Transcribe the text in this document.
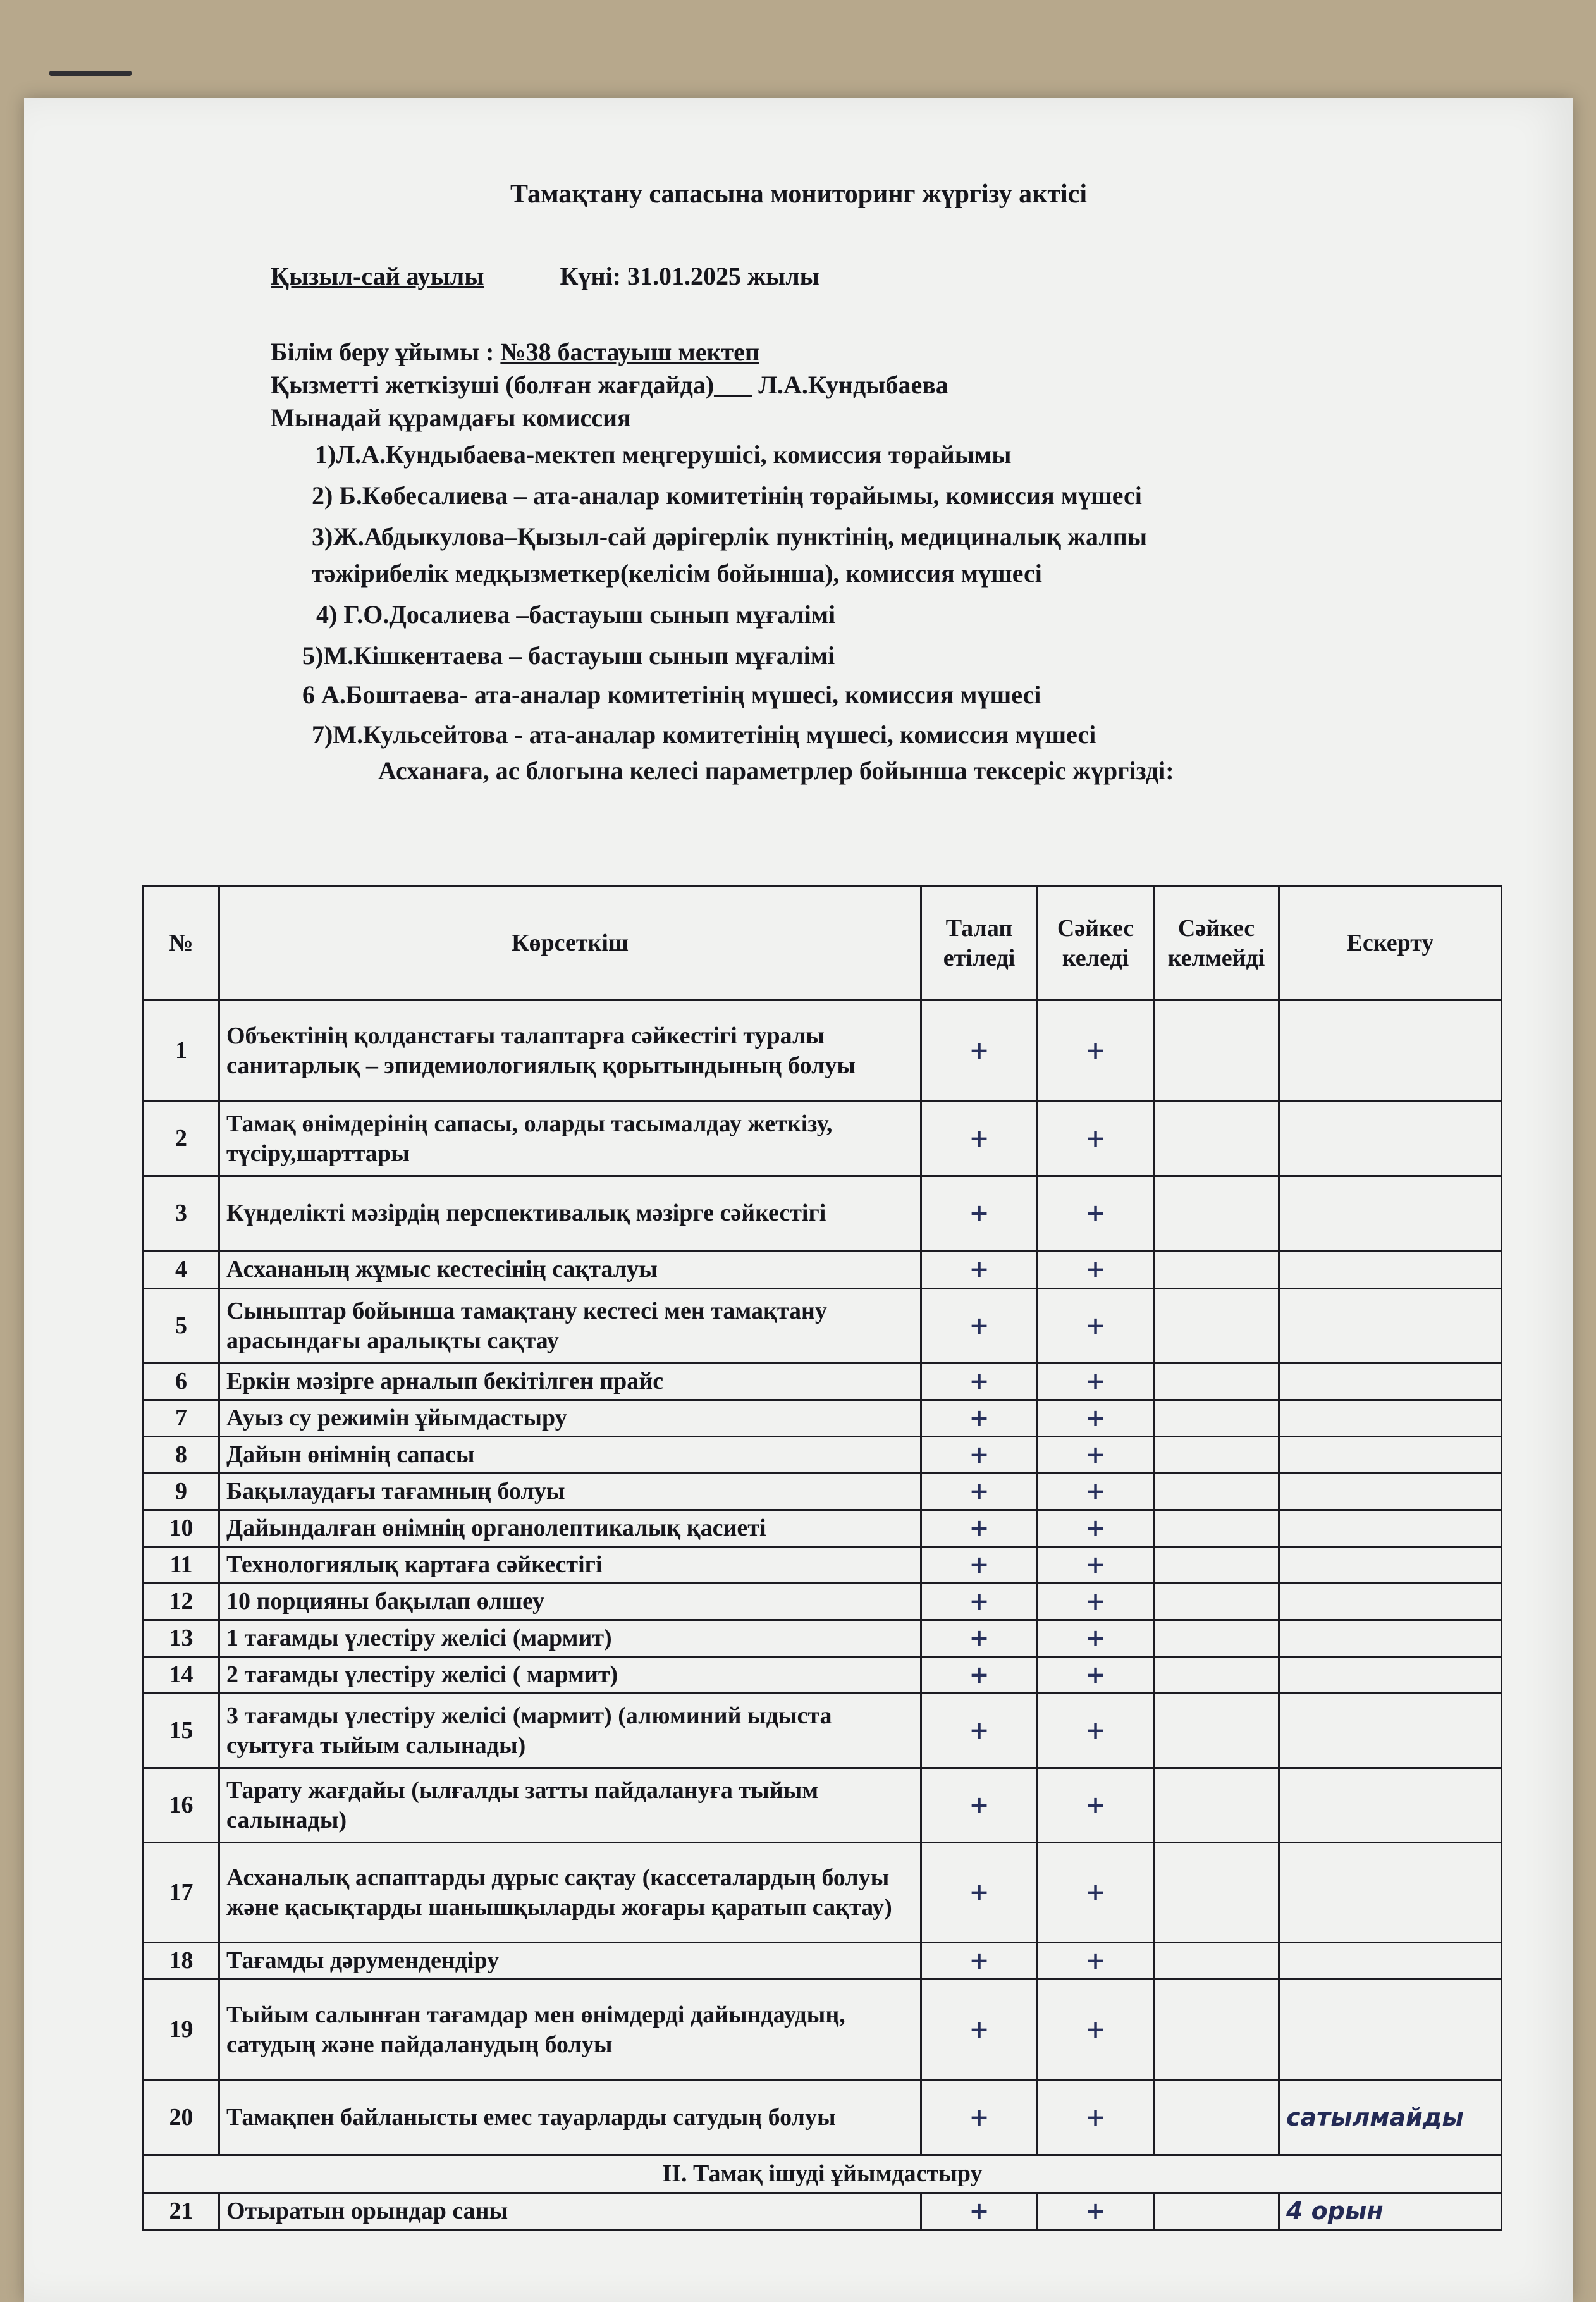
Тамақтану сапасына мониторинг жүргізу актісі
Қызыл-сай ауылы	Күні: 31.01.2025 жылы
Білім беру ұйымы : №38 бастауыш мектеп
Қызметті жеткізуші (болған жағдайда)___ Л.А.Кундыбаева
Мынадай құрамдағы комиссия
1)Л.А.Кундыбаева-мектеп меңгерушісі, комиссия төрайымы
2) Б.Көбесалиева – ата-аналар комитетінің төрайымы, комиссия мүшесі
3)Ж.Абдыкулова–Қызыл-сай дәрігерлік пунктінің, медициналық жалпы
тәжірибелік медқызметкер(келісім бойынша), комиссия мүшесі
4) Г.О.Досалиева –бастауыш сынып мұғалімі
5)М.Кішкентаева – бастауыш сынып мұғалімі
6 А.Боштаева- ата-аналар комитетінің мүшесі, комиссия мүшесі
7)М.Кульсейтова - ата-аналар комитетінің мүшесі, комиссия мүшесі
Асханаға, ас блогына келесі параметрлер бойынша тексеріс жүргізді:
№	Көрсеткіш	Талап етіледі	Сәйкес келеді	Сәйкес келмейді	Ескерту
1	Объектінің қолданстағы талаптарға сәйкестігі туралы санитарлық – эпидемиологиялық қорытындының болуы	+	+		
2	Тамақ өнімдерінің сапасы, оларды тасымалдау жеткізу, түсіру,шарттары	+	+		
3	Күнделікті мәзірдің перспективалық мәзірге сәйкестігі	+	+		
4	Асхананың жұмыс кестесінің сақталуы	+	+		
5	Сыныптар бойынша тамақтану кестесі мен тамақтану арасындағы аралықты сақтау	+	+		
6	Еркін мәзірге арналып бекітілген прайс	+	+		
7	Ауыз су режимін ұйымдастыру	+	+		
8	Дайын өнімнің сапасы	+	+		
9	Бақылаудағы тағамның болуы	+	+		
10	Дайындалған өнімнің органолептикалық қасиеті	+	+		
11	Технологиялық картаға сәйкестігі	+	+		
12	10 порцияны бақылап өлшеу	+	+		
13	1 тағамды үлестіру желісі (мармит)	+	+		
14	2 тағамды үлестіру желісі ( мармит)	+	+		
15	3 тағамды үлестіру желісі (мармит) (алюминий ыдыста суытуға тыйым салынады)	+	+		
16	Тарату жағдайы (ылғалды затты пайдалануға тыйым салынады)	+	+		
17	Асханалық аспаптарды дұрыс сақтау (кассеталардың болуы және қасықтарды шанышқыларды жоғары қаратып сақтау)	+	+		
18	Тағамды дәрумендендіру	+	+		
19	Тыйым салынған тағамдар мен өнімдерді дайындаудың, сатудың және пайдаланудың болуы	+	+		
20	Тамақпен байланысты емес тауарларды сатудың болуы	+	+		сатылмайды
II. Тамақ ішуді ұйымдастыру					
21	Отыратын орындар саны	+	+		4 орын
